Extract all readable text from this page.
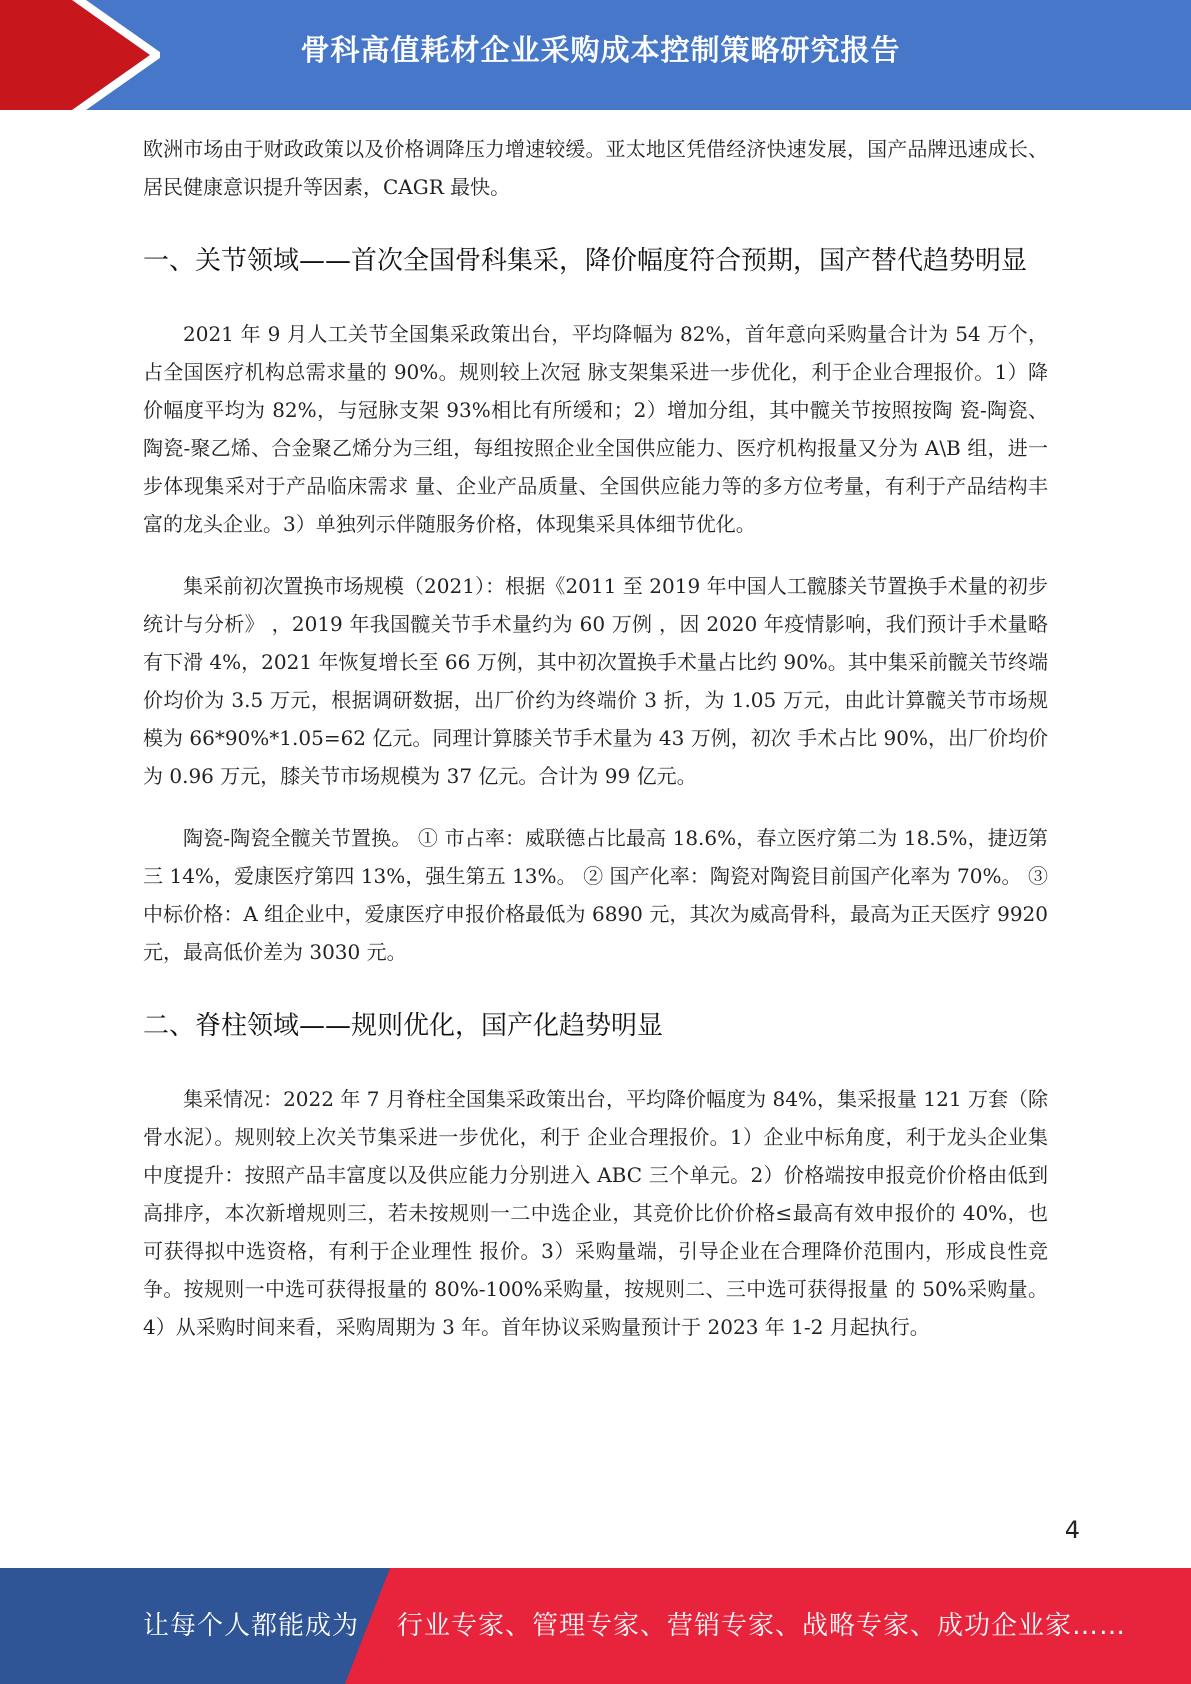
骨科高值耗材企业采购成本控制策略研究报告

欧洲市场由于财政政策以及价格调降压力增速较缓。亚太地区凭借经济快速发展，国产品牌迅速成长、居民健康意识提升等因素，CAGR 最快。

一、关节领域——首次全国骨科集采，降价幅度符合预期，国产替代趋势明显

2021 年 9 月人工关节全国集采政策出台，平均降幅为 82%，首年意向采购量合计为 54 万个，占全国医疗机构总需求量的 90%。规则较上次冠 脉支架集采进一步优化，利于企业合理报价。1）降价幅度平均为 82%，与冠脉支架 93%相比有所缓和；2）增加分组，其中髋关节按照按陶 瓷-陶瓷、陶瓷-聚乙烯、合金聚乙烯分为三组，每组按照企业全国供应能力、医疗机构报量又分为 A\B 组，进一步体现集采对于产品临床需求 量、企业产品质量、全国供应能力等的多方位考量，有利于产品结构丰富的龙头企业。3）单独列示伴随服务价格，体现集采具体细节优化。

集采前初次置换市场规模（2021）：根据《2011 至 2019 年中国人工髋膝关节置换手术量的初步统计与分析》 ，2019 年我国髋关节手术量约为 60 万例 ，因 2020 年疫情影响，我们预计手术量略有下滑 4%，2021 年恢复增长至 66 万例，其中初次置换手术量占比约 90%。其中集采前髋关节终端价均价为 3.5 万元，根据调研数据，出厂价约为终端价 3 折，为 1.05 万元，由此计算髋关节市场规模为 66*90%*1.05=62 亿元。同理计算膝关节手术量为 43 万例，初次 手术占比 90%，出厂价均价为 0.96 万元，膝关节市场规模为 37 亿元。合计为 99 亿元。

陶瓷-陶瓷全髋关节置换。 ① 市占率：威联德占比最高 18.6%，春立医疗第二为 18.5%，捷迈第三 14%，爱康医疗第四 13%，强生第五 13%。 ② 国产化率：陶瓷对陶瓷目前国产化率为 70%。 ③ 中标价格：A 组企业中，爱康医疗申报价格最低为 6890 元，其次为威高骨科，最高为正天医疗 9920 元，最高低价差为 3030 元。

二、脊柱领域——规则优化，国产化趋势明显

集采情况：2022 年 7 月脊柱全国集采政策出台，平均降价幅度为 84%，集采报量 121 万套（除骨水泥）。规则较上次关节集采进一步优化，利于 企业合理报价。1）企业中标角度，利于龙头企业集中度提升：按照产品丰富度以及供应能力分别进入 ABC 三个单元。2）价格端按申报竞价价格由低到高排序，本次新增规则三，若未按规则一二中选企业，其竞价比价价格≤最高有效申报价的 40%，也可获得拟中选资格，有利于企业理性 报价。3）采购量端，引导企业在合理降价范围内，形成良性竞争。按规则一中选可获得报量的 80%-100%采购量，按规则二、三中选可获得报量 的 50%采购量。4）从采购时间来看，采购周期为 3 年。首年协议采购量预计于 2023 年 1-2 月起执行。

4
让每个人都能成为 行业专家、管理专家、营销专家、战略专家、成功企业家……
